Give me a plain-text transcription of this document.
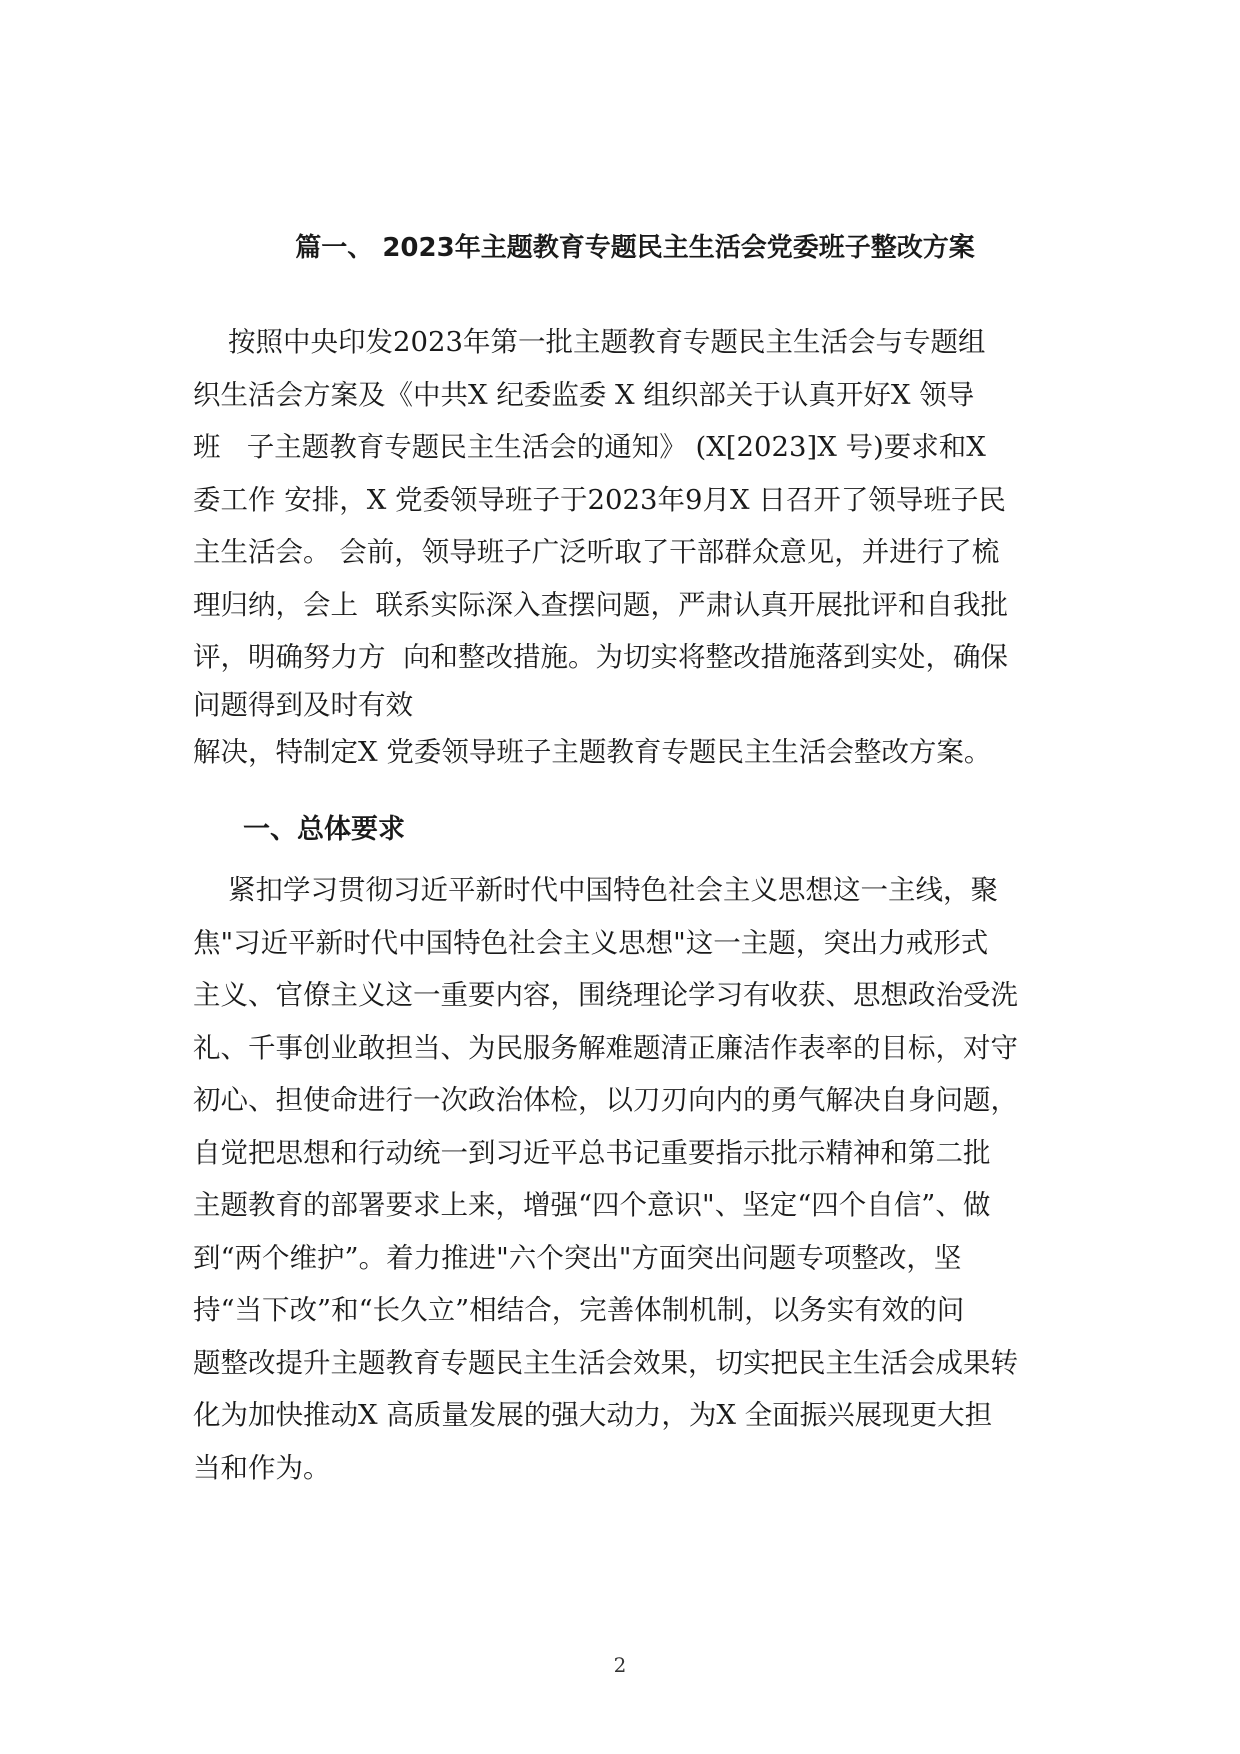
篇一、 2023年主题教育专题民主生活会党委班子整改方案
按照中央印发2023年第一批主题教育专题民主生活会与专题组
织生活会方案及《中共X 纪委监委 X 组织部关于认真开好X 领导
班   子主题教育专题民主生活会的通知》 (X[2023]X 号)要求和X
委工作 安排，X 党委领导班子于2023年9月X 日召开了领导班子民
主生活会。 会前，领导班子广泛听取了干部群众意见，并进行了梳
理归纳，会上  联系实际深入查摆问题，严肃认真开展批评和自我批
评，明确努力方  向和整改措施。为切实将整改措施落到实处，确保
问题得到及时有效
解决，特制定X 党委领导班子主题教育专题民主生活会整改方案。
一、总体要求
紧扣学习贯彻习近平新时代中国特色社会主义思想这一主线，聚
焦"习近平新时代中国特色社会主义思想"这一主题，突出力戒形式
主义、官僚主义这一重要内容，围绕理论学习有收获、思想政治受洗
礼、千事创业敢担当、为民服务解难题清正廉洁作表率的目标，对守
初心、担使命进行一次政治体检，以刀刃向内的勇气解决自身问题，
自觉把思想和行动统一到习近平总书记重要指示批示精神和第二批
主题教育的部署要求上来，增强“四个意识"、坚定“四个自信”、做
到“两个维护”。着力推进"六个突出"方面突出问题专项整改，坚
持“当下改”和“长久立”相结合，完善体制机制，以务实有效的问
题整改提升主题教育专题民主生活会效果，切实把民主生活会成果转
化为加快推动X 高质量发展的强大动力，为X 全面振兴展现更大担
当和作为。
2
